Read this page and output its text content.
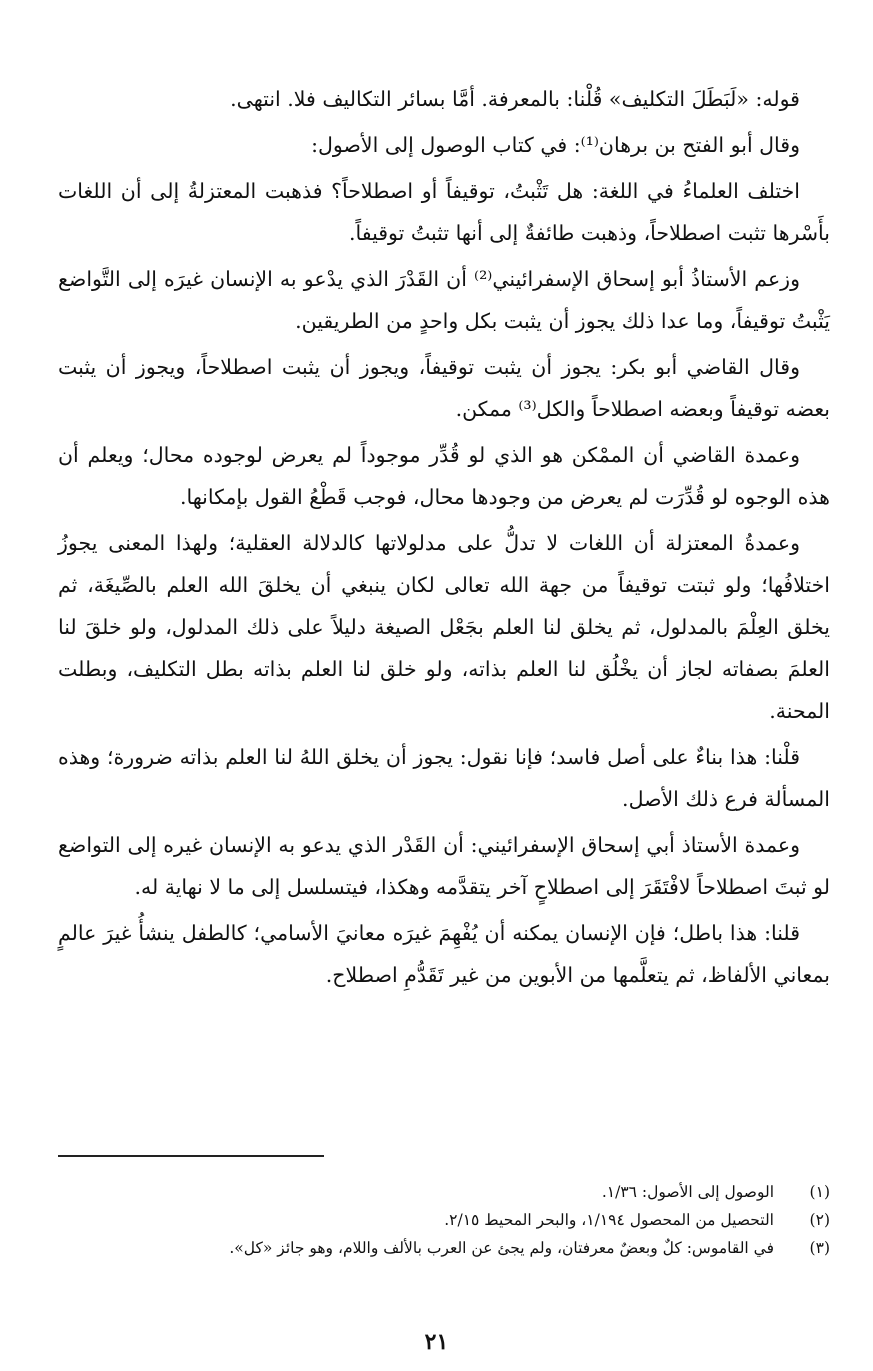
قوله: «لَبَطَلَ التكليف» قُلْنا: بالمعرفة. أمَّا بسائر التكاليف فلا. انتهى.

وقال أبو الفتح بن برهان⁽¹⁾: في كتاب الوصول إلى الأصول:

اختلف العلماءُ في اللغة: هل تَثْبتُ، توقيفاً أو اصطلاحاً؟ فذهبت المعتزلةُ إلى أن اللغات بأَسْرها تثبت اصطلاحاً، وذهبت طائفةٌ إلى أنها تثبتُ توقيفاً.

وزعم الأستاذُ أبو إسحاق الإسفرائيني⁽²⁾ أن القَدْرَ الذي يدْعو به الإنسان غيرَه إلى التَّواضع يَثْبتُ توقيفاً، وما عدا ذلك يجوز أن يثبت بكل واحدٍ من الطريقين.

وقال القاضي أبو بكر: يجوز أن يثبت توقيفاً، ويجوز أن يثبت اصطلاحاً، ويجوز أن يثبت بعضه توقيفاً وبعضه اصطلاحاً والكل⁽³⁾ ممكن.

وعمدة القاضي أن الممْكن هو الذي لو قُدِّر موجوداً لم يعرض لوجوده محال؛ ويعلم أن هذه الوجوه لو قُدِّرَت لم يعرض من وجودها محال، فوجب قَطْعُ القول بإمكانها.

وعمدةُ المعتزلة أن اللغات لا تدلُّ على مدلولاتها كالدلالة العقلية؛ ولهذا المعنى يجوزُ اختلافُها؛ ولو ثبتت توقيفاً من جهة الله تعالى لكان ينبغي أن يخلقَ الله العلم بالصِّيغَة، ثم يخلق العِلْمَ بالمدلول، ثم يخلق لنا العلم بجَعْل الصيغة دليلاً على ذلك المدلول، ولو خلقَ لنا العلمَ بصفاته لجاز أن يخْلُق لنا العلم بذاته، ولو خلق لنا العلم بذاته بطل التكليف، وبطلت المحنة.

قلْنا: هذا بناءٌ على أصل فاسد؛ فإنا نقول: يجوز أن يخلق اللهُ لنا العلم بذاته ضرورة؛ وهذه المسألة فرع ذلك الأصل.

وعمدة الأستاذ أبي إسحاق الإسفرائيني: أن القَدْر الذي يدعو به الإنسان غيره إلى التواضع لو ثبتَ اصطلاحاً لافْتَقَرَ إلى اصطلاحٍ آخر يتقدَّمه وهكذا، فيتسلسل إلى ما لا نهاية له.

قلنا: هذا باطل؛ فإن الإنسان يمكنه أن يُفْهِمَ غيرَه معانيَ الأسامي؛ كالطفل ينشأُ غيرَ عالمٍ بمعاني الألفاظ، ثم يتعلَّمها من الأبوين من غير تَقَدُّمِ اصطلاح.

(١)
الوصول إلى الأصول: ١/٣٦.

(٢)
التحصيل من المحصول ١/١٩٤، والبحر المحيط ٢/١٥.

(٣)
في القاموس: كلٌ وبعضٌ معرفتان، ولم يجئ عن العرب بالألف واللام، وهو جائز «كل».

٢١
